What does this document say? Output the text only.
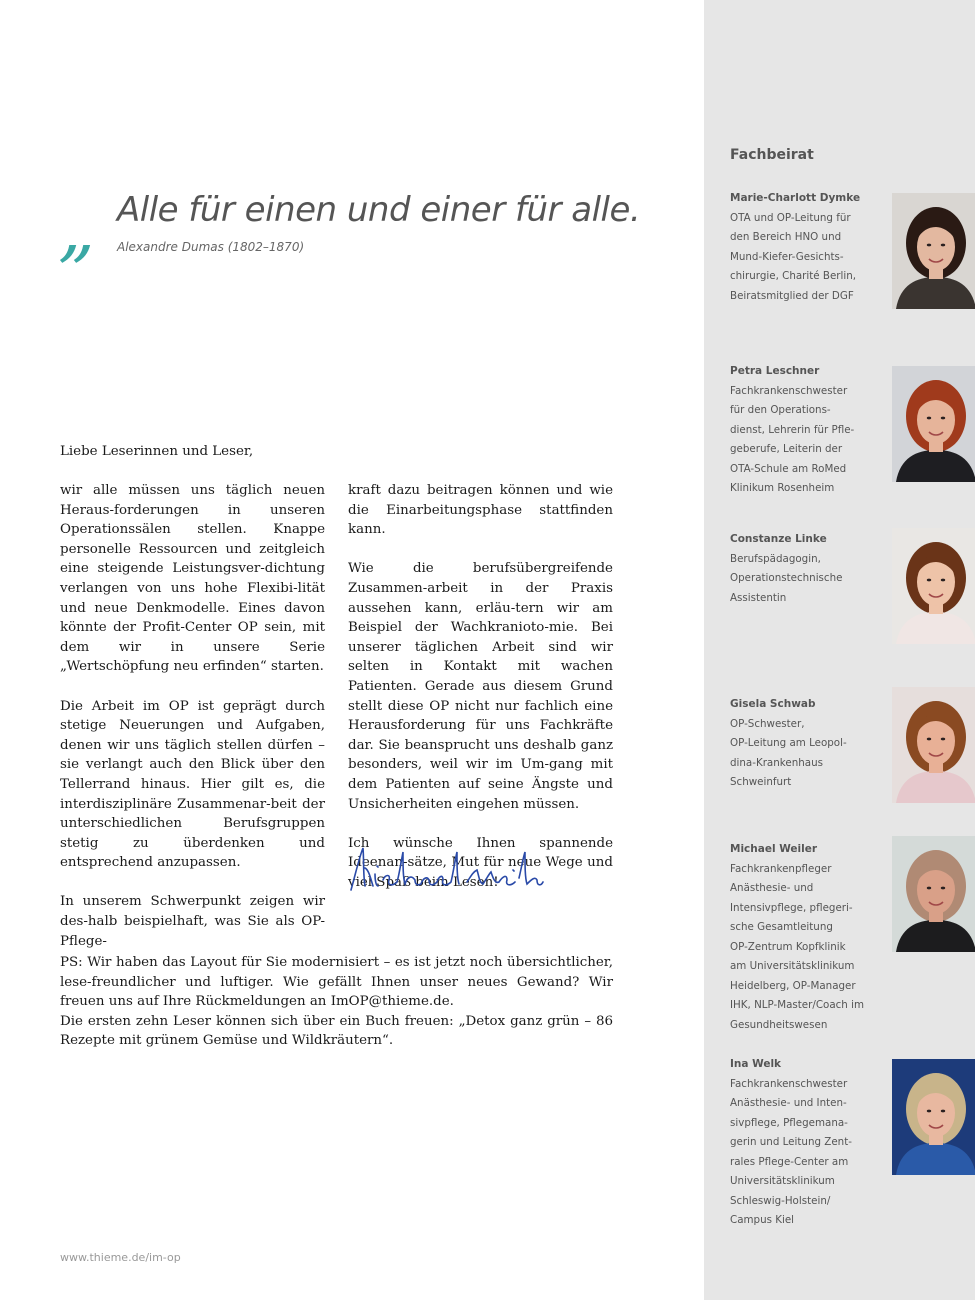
„ Alle für einen und einer für alle.
Alexandre Dumas (1802–1870)
Liebe Leserinnen und Leser,

wir alle müssen uns täglich neuen Heraus-forderungen in unseren Operationssälen stellen. Knappe personelle Ressourcen und zeitgleich eine steigende Leistungsver-dichtung verlangen von uns hohe Flexibi-lität und neue Denkmodelle. Eines davon könnte der Profit-Center OP sein, mit dem wir in unsere Serie „Wertschöpfung neu erfinden“ starten.

Die Arbeit im OP ist geprägt durch stetige Neuerungen und Aufgaben, denen wir uns täglich stellen dürfen – sie verlangt auch den Blick über den Tellerrand hinaus. Hier gilt es, die interdisziplinäre Zusammenar-beit der unterschiedlichen Berufsgruppen stetig zu überdenken und entsprechend anzupassen.

In unserem Schwerpunkt zeigen wir des-halb beispielhaft, was Sie als OP-Pflege-

kraft dazu beitragen können und wie die Einarbeitungsphase stattfinden kann.

Wie die berufsübergreifende Zusammen-arbeit in der Praxis aussehen kann, erläu-tern wir am Beispiel der Wachkranioto-mie. Bei unserer täglichen Arbeit sind wir selten in Kontakt mit wachen Patienten. Gerade aus diesem Grund stellt diese OP nicht nur fachlich eine Herausforderung für uns Fachkräfte dar. Sie beansprucht uns deshalb ganz besonders, weil wir im Um-gang mit dem Patienten auf seine Ängste und Unsicherheiten eingehen müssen.

Ich wünsche Ihnen spannende Ideenan-sätze, Mut für neue Wege und viel Spaß beim Lesen!

PS: Wir haben das Layout für Sie modernisiert – es ist jetzt noch übersichtlicher, lese-freundlicher und luftiger. Wie gefällt Ihnen unser neues Gewand? Wir freuen uns auf Ihre Rückmeldungen an ImOP@thieme.de.

Die ersten zehn Leser können sich über ein Buch freuen: „Detox ganz grün – 86 Rezepte mit grünem Gemüse und Wildkräutern“.

www.thieme.de/im-op
Fachbeirat
Marie-Charlott Dymke
OTA und OP-Leitung für
den Bereich HNO und
Mund-Kiefer-Gesichts-
chirurgie, Charité Berlin,
Beiratsmitglied der DGF
Petra Leschner
Fachkrankenschwester
für den Operations-
dienst, Lehrerin für Pfle-
geberufe, Leiterin der
OTA-Schule am RoMed
Klinikum Rosenheim
Constanze Linke
Berufspädagogin,
Operationstechnische
Assistentin
Gisela Schwab
OP-Schwester,
OP-Leitung am Leopol-
dina-Krankenhaus
Schweinfurt
Michael Weiler
Fachkrankenpfleger
Anästhesie- und
Intensivpflege, pflegeri-
sche Gesamtleitung
OP-Zentrum Kopfklinik
am Universitätsklinikum
Heidelberg, OP-Manager
IHK, NLP-Master/Coach im
Gesundheitswesen
Ina Welk
Fachkrankenschwester
Anästhesie- und Inten-
sivpflege, Pflegemana-
gerin und Leitung Zent-
rales Pflege-Center am
Universitätsklinikum
Schleswig-Holstein/
Campus Kiel
